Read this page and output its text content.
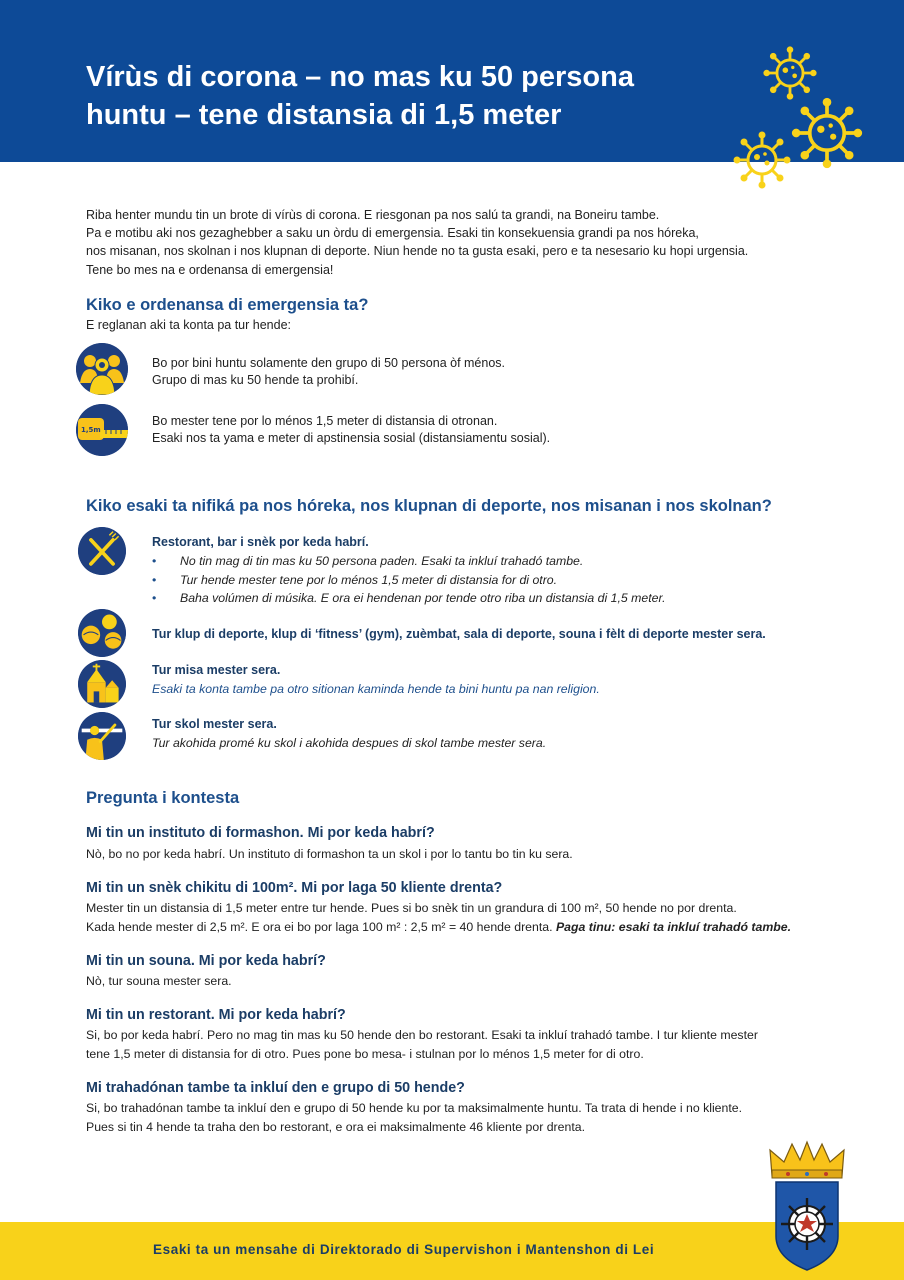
Vírùs di corona – no mas ku 50 persona
huntu – tene distansia di 1,5 meter

Riba henter mundu tin un brote di vírùs di corona. E riesgonan pa nos salú ta grandi, na Boneiru tambe.

Pa e motibu aki nos gezaghebber a saku un òrdu di emergensia. Esaki tin konsekuensia grandi pa nos hóreka,

nos misanan, nos skolnan i nos klupnan di deporte. Niun hende no ta gusta esaki, pero e ta nesesario ku hopi urgensia.

Tene bo mes na e ordenansa di emergensia!

Kiko e ordenansa di emergensia ta?
E reglanan aki ta konta pa tur hende:
Bo por bini huntu solamente den grupo di 50 persona òf ménos.
Grupo di mas ku 50 hende ta prohibí.
1,5m
Bo mester tene por lo ménos 1,5 meter di distansia di otronan.
Esaki nos ta yama e meter di apstinensia sosial (distansiamentu sosial).
Kiko esaki ta nifiká pa nos hóreka, nos klupnan di deporte, nos misanan i nos skolnan?
Restorant, bar i snèk por keda habrí.
• No tin mag di tin mas ku 50 persona paden. Esaki ta inkluí trahadó tambe.
• Tur hende mester tene por lo ménos 1,5 meter di distansia for di otro.
• Baha volúmen di músika. E ora ei hendenan por tende otro riba un distansia di 1,5 meter.
Tur klup di deporte, klup di ‘fitness’ (gym), zuèmbat, sala di deporte, souna i fèlt di deporte mester sera.
Tur misa mester sera.
Esaki ta konta tambe pa otro sitionan kaminda hende ta bini huntu pa nan religion.
Tur skol mester sera.
Tur akohida promé ku skol i akohida despues di skol tambe mester sera.
Pregunta i kontesta
Mi tin un instituto di formashon. Mi por keda habrí?

Nò, bo no por keda habrí. Un instituto di formashon ta un skol i por lo tantu bo tin ku sera.

Mi tin un snèk chikitu di 100m². Mi por laga 50 kliente drenta?

Mester tin un distansia di 1,5 meter entre tur hende. Pues si bo snèk tin un grandura di 100 m², 50 hende no por drenta.

Kada hende mester di 2,5 m². E ora ei bo por laga 100 m² : 2,5 m² = 40 hende drenta. Paga tinu: esaki ta inkluí trahadó tambe.

Mi tin un souna. Mi por keda habrí?

Nò, tur souna mester sera.

Mi tin un restorant. Mi por keda habrí?

Si, bo por keda habrí. Pero no mag tin mas ku 50 hende den bo restorant. Esaki ta inkluí trahadó tambe. I tur kliente mester

tene 1,5 meter di distansia for di otro. Pues pone bo mesa- i stulnan por lo ménos 1,5 meter for di otro.

Mi trahadónan tambe ta inkluí den e grupo di 50 hende?

Si, bo trahadónan tambe ta inkluí den e grupo di 50 hende ku por ta maksimalmente huntu. Ta trata di hende i no kliente.

Pues si tin 4 hende ta traha den bo restorant, e ora ei maksimalmente 46 kliente por drenta.

Esaki ta un mensahe di Direktorado di Supervishon i Mantenshon di Lei
